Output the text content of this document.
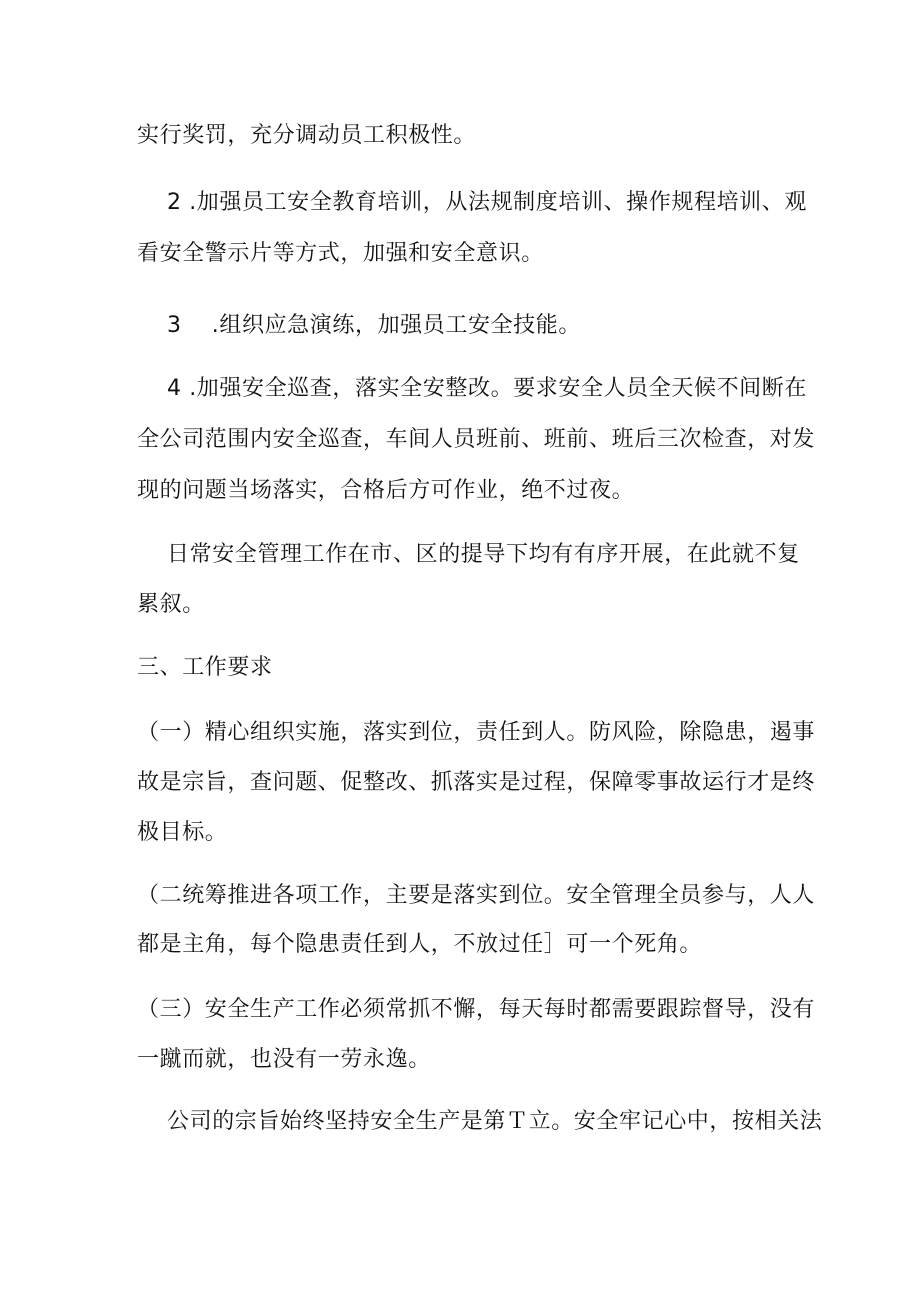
实行奖罚，充分调动员工积极性。
2 .加强员工安全教育培训，从法规制度培训、操作规程培训、观
看安全警示片等方式，加强和安全意识。
3　 .组织应急演练，加强员工安全技能。
4 .加强安全巡查，落实全安整改。要求安全人员全天候不间断在
全公司范围内安全巡查，车间人员班前、班前、班后三次检查，对发
现的问题当场落实，合格后方可作业，绝不过夜。
日常安全管理工作在市、区的提导下均有有序开展，在此就不复
累叙。
三、工作要求
（一）精心组织实施，落实到位，责任到人。防风险，除隐患，遏事
故是宗旨，查问题、促整改、抓落实是过程，保障零事故运行才是终
极目标。
（二统筹推进各项工作，主要是落实到位。安全管理全员参与，人人
都是主角，每个隐患责任到人，不放过任］可一个死角。
（三）安全生产工作必须常抓不懈，每天每时都需要跟踪督导，没有
一蹴而就，也没有一劳永逸。
公司的宗旨始终坚持安全生产是第Ｔ立。安全牢记心中，按相关法
